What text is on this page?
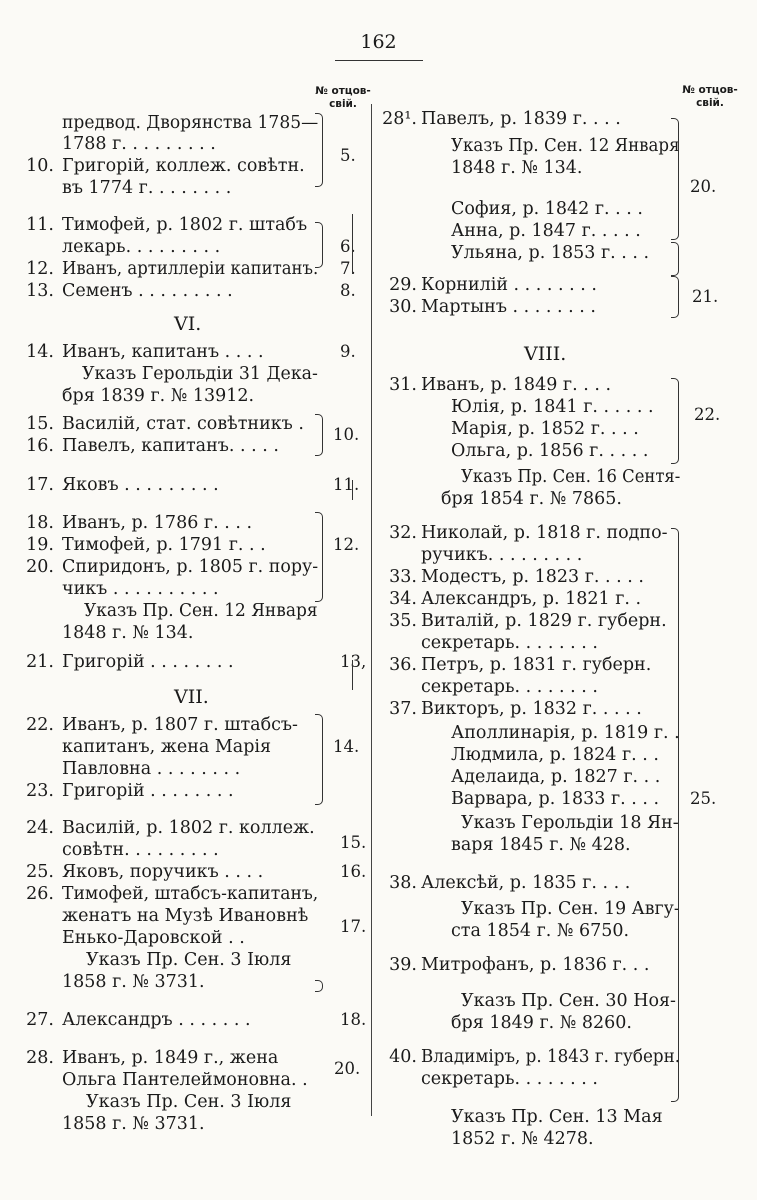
162
№ отцов-
свій.
№ отцов-
свій.
предвод. Дворянства 1785—
1788 г. . . . . . . . .
10. Григорій, коллеж. совѣтн.
въ 1774 г. . . . . . . .
11. Тимофей, р. 1802 г. штабъ
лекарь. . . . . . . . .
12. Иванъ, артиллеріи капитанъ.
13. Семенъ . . . . . . . . .
14. Иванъ, капитанъ . . . .
Указъ Герольдіи 31 Дека-
бря 1839 г. № 13912.
15. Василій, стат. совѣтникъ .
16. Павелъ, капитанъ. . . . .
17. Яковъ . . . . . . . . .
18. Иванъ, р. 1786 г. . . .
19. Тимофей, р. 1791 г. . .
20. Спиридонъ, р. 1805 г. пору-
чикъ . . . . . . . . . .
Указъ Пр. Сен. 12 Января
1848 г. № 134.
21. Григорій . . . . . . . .
22. Иванъ, р. 1807 г. штабсъ-
капитанъ, жена Марія
Павловна . . . . . . . .
23. Григорій . . . . . . . .
24. Василій, р. 1802 г. коллеж.
совѣтн. . . . . . . . .
25. Яковъ, поручикъ . . . .
26. Тимофей, штабсъ-капитанъ,
женатъ на Музѣ Ивановнѣ
Енько-Даровской . .
Указъ Пр. Сен. 3 Іюля
1858 г. № 3731.
27. Александръ . . . . . . .
28. Иванъ, р. 1849 г., жена
Ольга Пантелеймоновна. .
Указъ Пр. Сен. 3 Іюля
1858 г. № 3731.
5.
6.
7.
8.
9.
10.
11.
12.
13,
14.
15.
16.
17.
18.
20.
VI.
VII.
28¹. Павелъ, р. 1839 г. . . .
Указъ Пр. Сен. 12 Января
1848 г. № 134.
София, р. 1842 г. . . .
Анна, р. 1847 г. . . . .
Ульяна, р. 1853 г. . . .
29. Корнилій . . . . . . . .
30. Мартынъ . . . . . . . .
31. Иванъ, р. 1849 г. . . .
Юлія, р. 1841 г. . . . . .
Марія, р. 1852 г. . . .
Ольга, р. 1856 г. . . . .
Указъ Пр. Сен. 16 Сентя-
бря 1854 г. № 7865.
32. Николай, р. 1818 г. подпо-
ручикъ. . . . . . . . .
33. Модестъ, р. 1823 г. . . . .
34. Александръ, р. 1821 г. .
35. Виталій, р. 1829 г. губерн.
секретарь. . . . . . . .
36. Петръ, р. 1831 г. губерн.
секретарь. . . . . . . .
37. Викторъ, р. 1832 г. . . . .
Аполлинарія, р. 1819 г. .
Людмила, р. 1824 г. . .
Аделаида, р. 1827 г. . .
Варвара, р. 1833 г. . . .
Указъ Герольдіи 18 Ян-
варя 1845 г. № 428.
38. Алексѣй, р. 1835 г. . . .
Указъ Пр. Сен. 19 Авгу-
ста 1854 г. № 6750.
39. Митрофанъ, р. 1836 г. . .
Указъ Пр. Сен. 30 Ноя-
бря 1849 г. № 8260.
40. Владиміръ, р. 1843 г. губерн.
секретарь. . . . . . . .
Указъ Пр. Сен. 13 Мая
1852 г. № 4278.
20.
21.
22.
25.
VIII.
